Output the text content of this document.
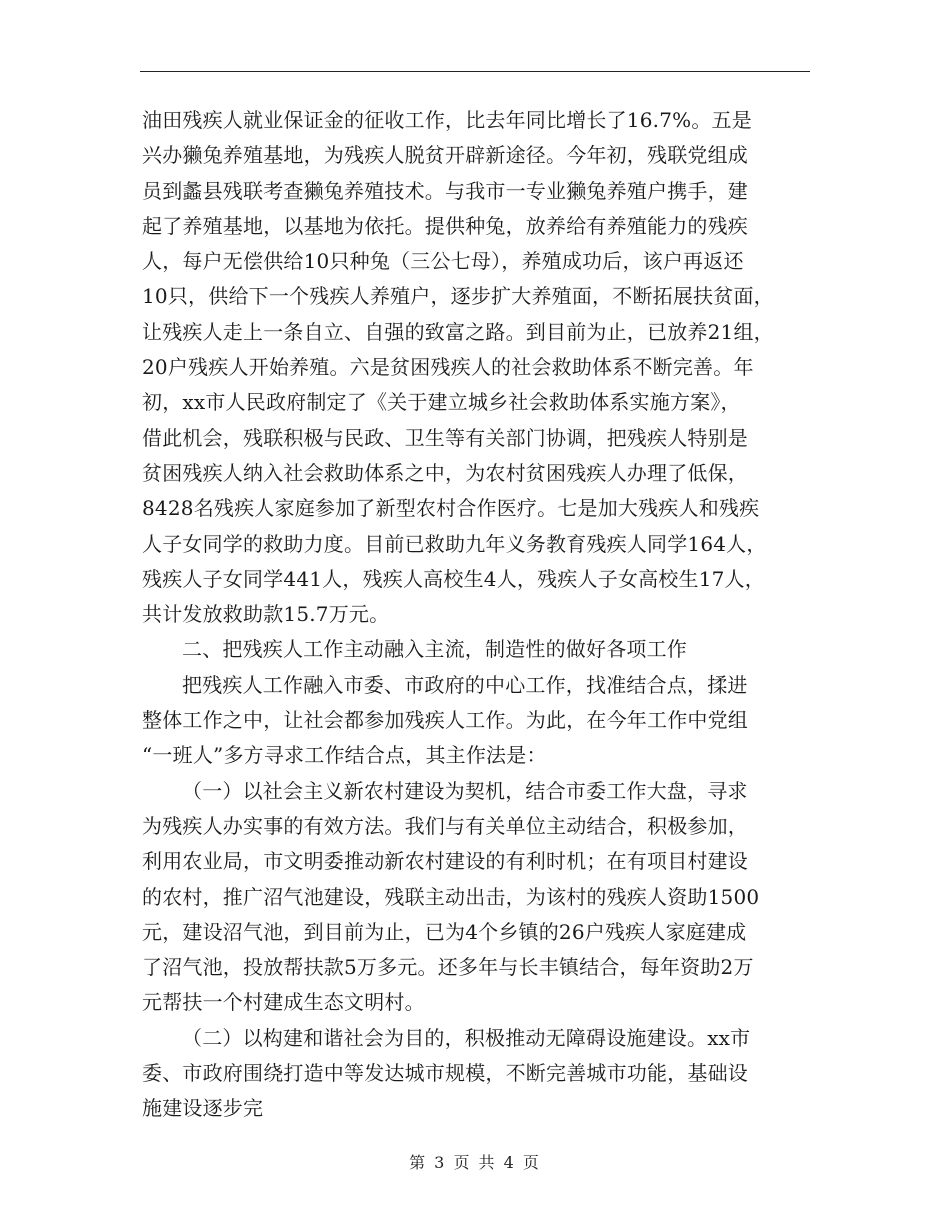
油田残疾人就业保证金的征收工作，比去年同比增长了16.7%。五是
兴办獭兔养殖基地，为残疾人脱贫开辟新途径。今年初，残联党组成
员到蠡县残联考查獭兔养殖技术。与我市一专业獭兔养殖户携手，建
起了养殖基地，以基地为依托。提供种兔，放养给有养殖能力的残疾
人，每户无偿供给10只种兔（三公七母），养殖成功后，该户再返还
10只，供给下一个残疾人养殖户，逐步扩大养殖面，不断拓展扶贫面，
让残疾人走上一条自立、自强的致富之路。到目前为止，已放养21组，
20户残疾人开始养殖。六是贫困残疾人的社会救助体系不断完善。年
初，xx市人民政府制定了《关于建立城乡社会救助体系实施方案》，
借此机会，残联积极与民政、卫生等有关部门协调，把残疾人特别是
贫困残疾人纳入社会救助体系之中，为农村贫困残疾人办理了低保，
8428名残疾人家庭参加了新型农村合作医疗。七是加大残疾人和残疾
人子女同学的救助力度。目前已救助九年义务教育残疾人同学164人，
残疾人子女同学441人，残疾人高校生4人，残疾人子女高校生17人，
共计发放救助款15.7万元。
二、把残疾人工作主动融入主流，制造性的做好各项工作
把残疾人工作融入市委、市政府的中心工作，找准结合点，揉进
整体工作之中，让社会都参加残疾人工作。为此，在今年工作中党组
“一班人”多方寻求工作结合点，其主作法是：
（一）以社会主义新农村建设为契机，结合市委工作大盘，寻求
为残疾人办实事的有效方法。我们与有关单位主动结合，积极参加，
利用农业局，市文明委推动新农村建设的有利时机；在有项目村建设
的农村，推广沼气池建设，残联主动出击，为该村的残疾人资助1500
元，建设沼气池，到目前为止，已为4个乡镇的26户残疾人家庭建成
了沼气池，投放帮扶款5万多元。还多年与长丰镇结合，每年资助2万
元帮扶一个村建成生态文明村。
（二）以构建和谐社会为目的，积极推动无障碍设施建设。xx市
委、市政府围绕打造中等发达城市规模，不断完善城市功能，基础设
施建设逐步完
第 3 页 共 4 页
